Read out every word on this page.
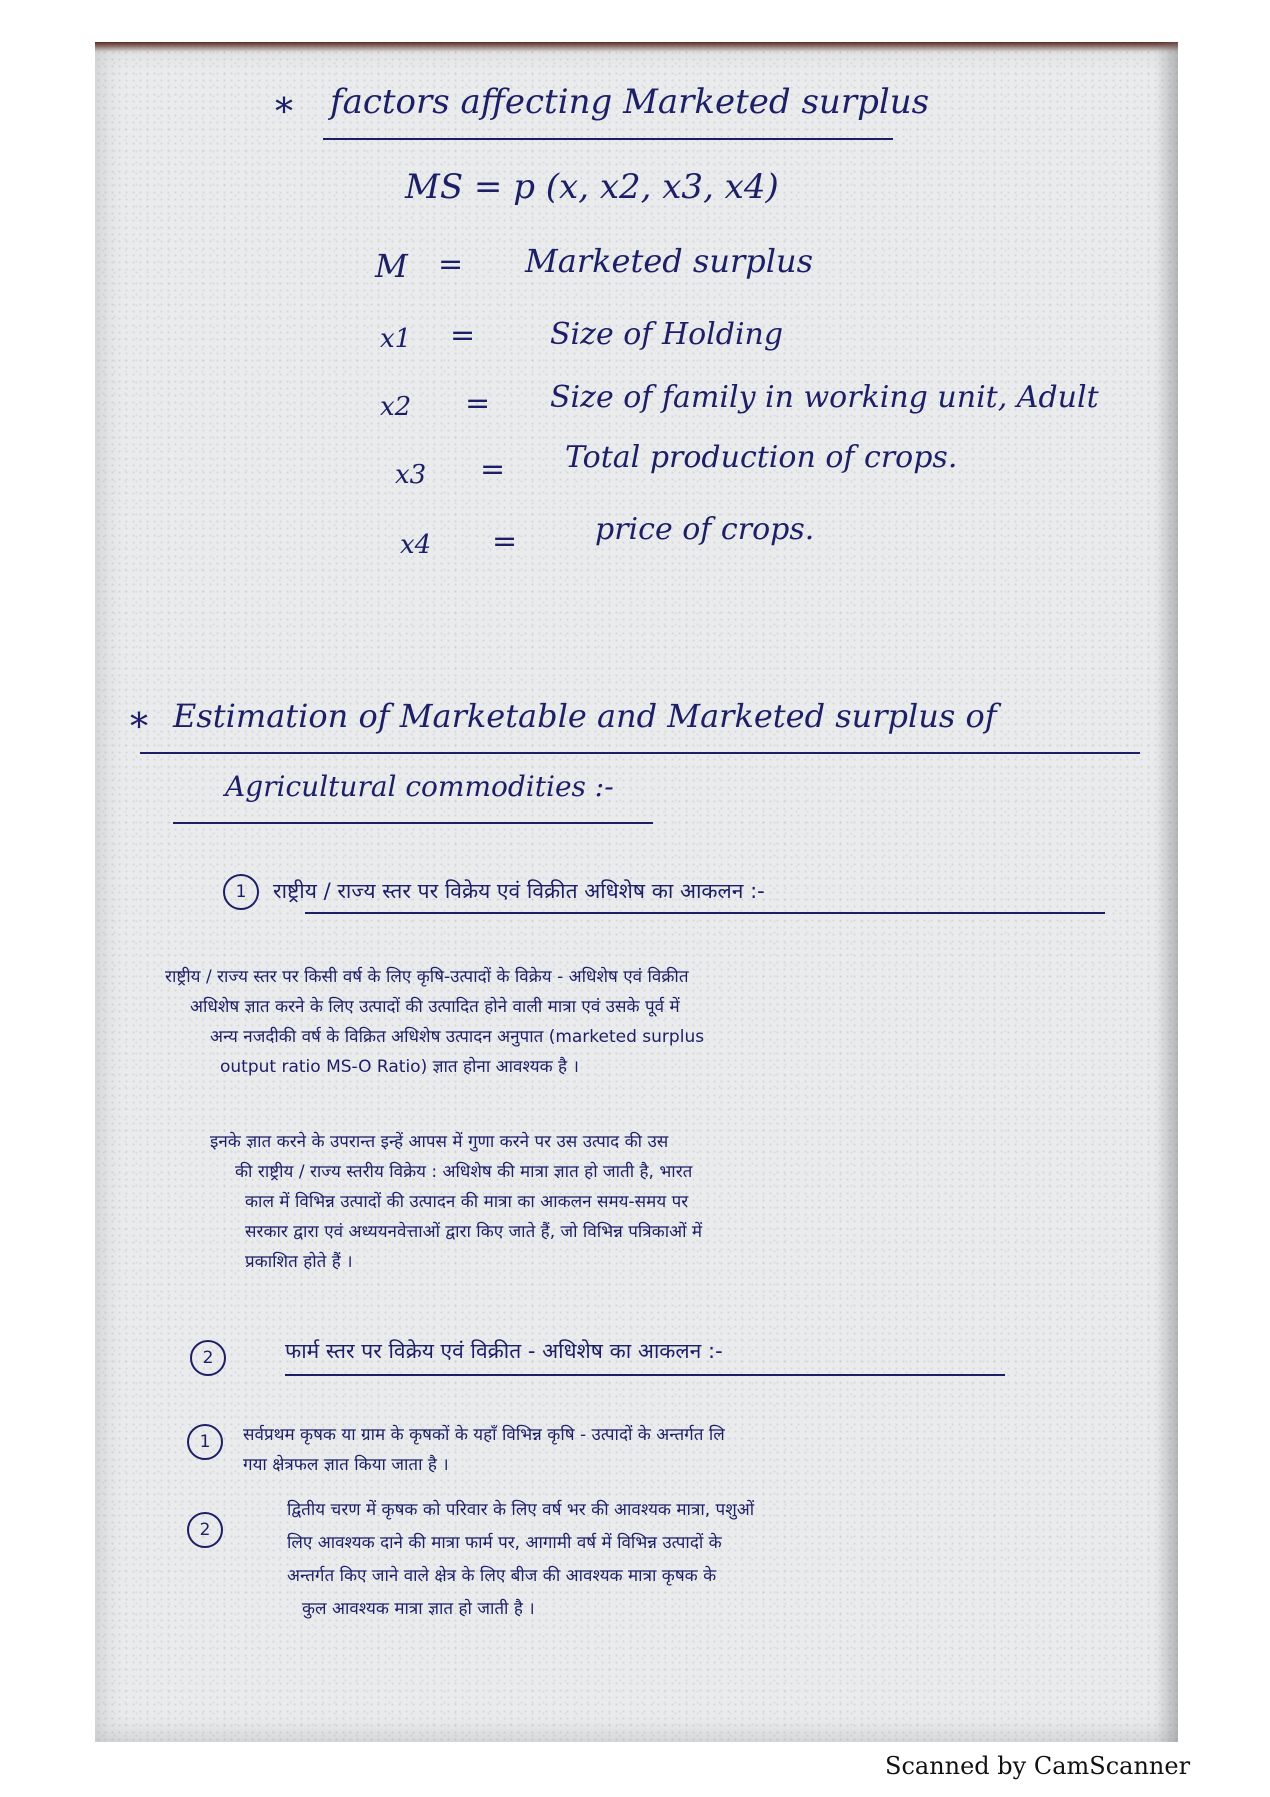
* factors affecting Marketed surplus
MS = p (x, x2, x3, x4)
M = Marketed surplus
x1 = Size of Holding
x2 = Size of family in working unit, Adult
x3 = Total production of crops.
x4 =	price of crops.
* Estimation of Marketable and Marketed surplus of
Agricultural commodities :-
1	राष्ट्रीय / राज्य स्तर पर विक्रेय एवं विक्रीत अधिशेष का आकलन :-
राष्ट्रीय / राज्य स्तर पर किसी वर्ष के लिए कृषि-उत्पादों के विक्रेय - अधिशेष एवं विक्रीत
अधिशेष ज्ञात करने के लिए उत्पादों की उत्पादित होने वाली मात्रा एवं उसके पूर्व में
अन्य नजदीकी वर्ष के विक्रित अधिशेष उत्पादन अनुपात (marketed surplus
output ratio MS-O Ratio) ज्ञात होना आवश्यक है ।
इनके ज्ञात करने के उपरान्त इन्हें आपस में गुणा करने पर उस उत्पाद की उस
की राष्ट्रीय / राज्य स्तरीय विक्रेय : अधिशेष की मात्रा ज्ञात हो जाती है, भारत
काल में विभिन्न उत्पादों की उत्पादन की मात्रा का आकलन समय-समय पर
सरकार द्वारा एवं अध्ययनवेत्ताओं द्वारा किए जाते हैं, जो विभिन्न पत्रिकाओं में
प्रकाशित होते हैं ।
2	फार्म स्तर पर विक्रेय एवं विक्रीत - अधिशेष का आकलन :-
1	सर्वप्रथम कृषक या ग्राम के कृषकों के यहाँ विभिन्न कृषि - उत्पादों के अन्तर्गत लि
गया क्षेत्रफल ज्ञात किया जाता है ।
2
द्वितीय चरण में कृषक को परिवार के लिए वर्ष भर की आवश्यक मात्रा, पशुओं
लिए आवश्यक दाने की मात्रा फार्म पर, आगामी वर्ष में विभिन्न उत्पादों के
अन्तर्गत किए जाने वाले क्षेत्र के लिए बीज की आवश्यक मात्रा कृषक के
कुल आवश्यक मात्रा ज्ञात हो जाती है ।
Scanned by CamScanner
